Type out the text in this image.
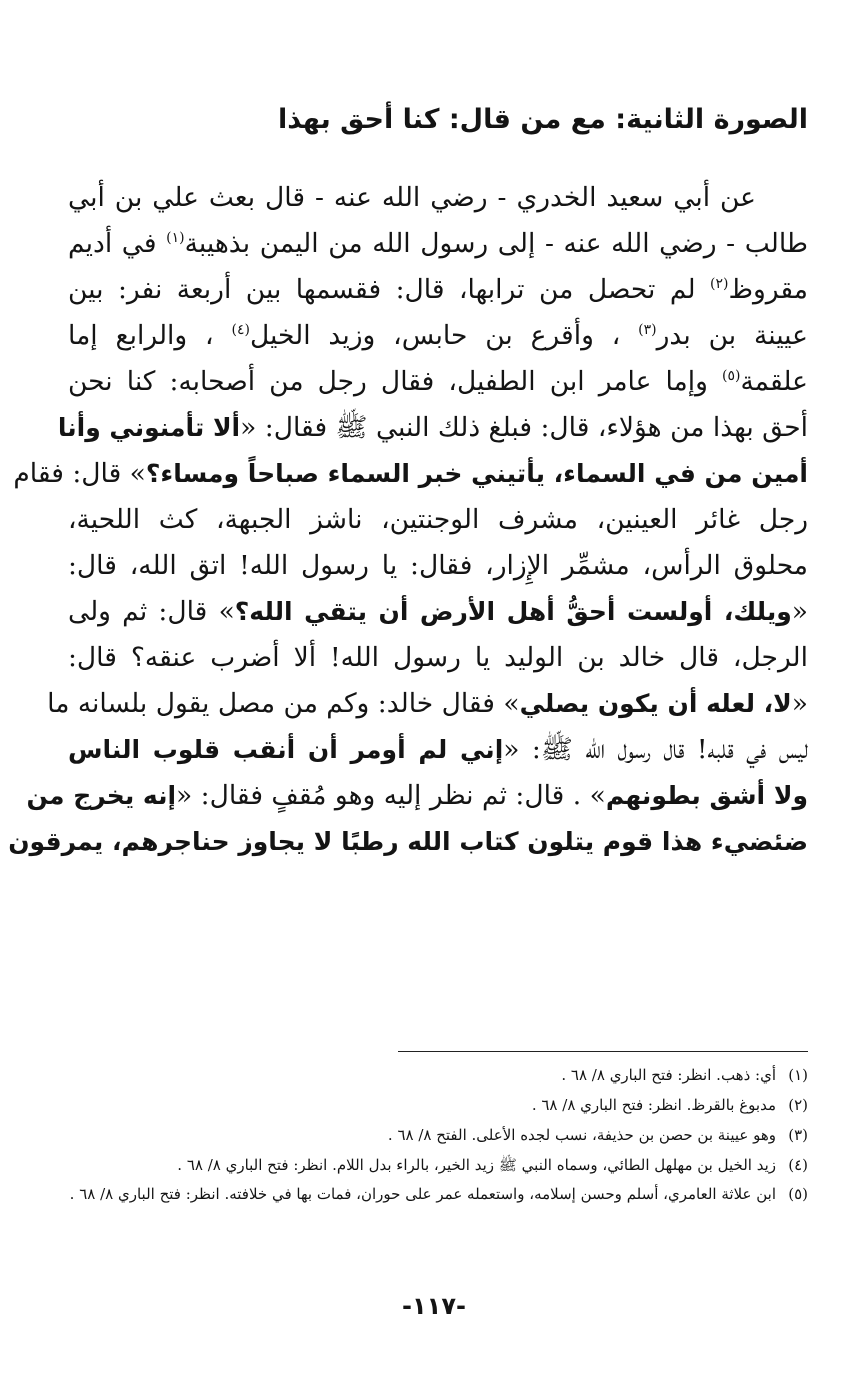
الصورة الثانية: مع من قال: كنا أحق بهذا
عن أبي سعيد الخدري - رضي الله عنه - قال بعث علي بن أبي
طالب - رضي الله عنه - إلى رسول الله من اليمن بذهيبة$^{(١)}$ في أديم
مقروظ$^{(٢)}$ لم تحصل من ترابها، قال: فقسمها بين أربعة نفر: بين
عيينة بن بدر$^{(٣)}$ ، وأقرع بن حابس، وزيد الخيل$^{(٤)}$ ، والرابع إما
علقمة$^{(٥)}$ وإما عامر ابن الطفيل، فقال رجل من أصحابه: كنا نحن
أحق بهذا من هؤلاء، قال: فبلغ ذلك النبي ﷺ فقال: «ألا تأمنوني وأنا
أمين من في السماء، يأتيني خبر السماء صباحاً ومساء؟» قال: فقام
رجل غائر العينين، مشرف الوجنتين، ناشز الجبهة، كث اللحية،
محلوق الرأس، مشمِّر الإِزار، فقال: يا رسول الله! اتق الله، قال:
«ويلك، أولست أحقُّ أهل الأرض أن يتقي الله؟» قال: ثم ولى
الرجل، قال خالد بن الوليد يا رسول الله! ألا أضرب عنقه؟ قال:
«لا، لعله أن يكون يصلي» فقال خالد: وكم من مصل يقول بلسانه ما
ليس في قلبه! قال رسول الله ﷺ: «إني لم أومر أن أنقب قلوب الناس
ولا أشق بطونهم» . قال: ثم نظر إليه وهو مُقفٍ فقال: «إنه يخرج من
ضئضيء هذا قوم يتلون كتاب الله رطبًا لا يجاوز حناجرهم، يمرقون
(١)أي: ذهب. انظر: فتح الباري ٨/ ٦٨ .
(٢)مدبوغ بالقرظ. انظر: فتح الباري ٨/ ٦٨ .
(٣)وهو عيينة بن حصن بن حذيفة، نسب لجده الأعلى. الفتح ٨/ ٦٨ .
(٤)زيد الخيل بن مهلهل الطائي، وسماه النبي ﷺ زيد الخير، بالراء بدل اللام. انظر: فتح الباري ٨/ ٦٨ .
(٥)ابن علاثة العامري، أسلم وحسن إسلامه، واستعمله عمر على حوران، فمات بها في خلافته. انظر: فتح الباري ٨/ ٦٨ .
-١١٧-
